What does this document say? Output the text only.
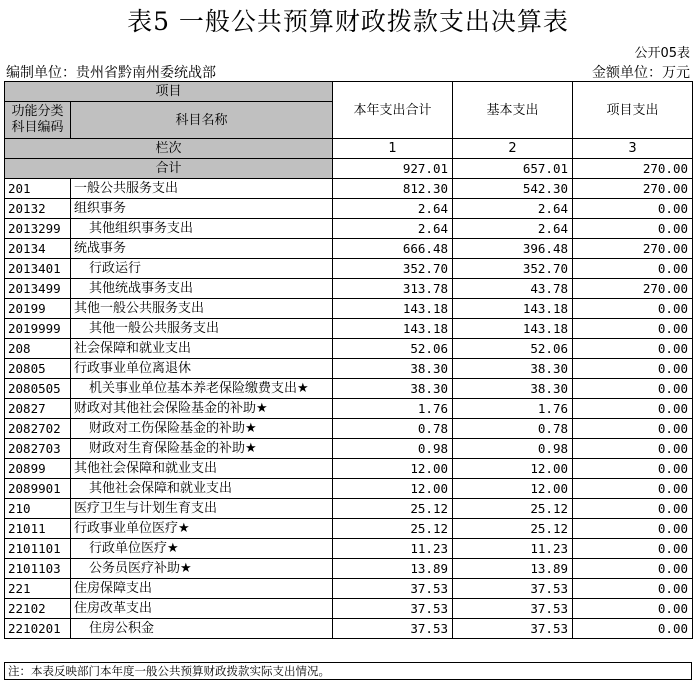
表5 一般公共预算财政拨款支出决算表
公开05表
编制单位：贵州省黔南州委统战部	金额单位：万元
项目		本年支出合计	基本支出	项目支出
功能分类科目编码	科目名称			

栏次		1	2	3
合计		927.01	657.01	270.00
201	一般公共服务支出	812.30	542.30	270.00
20132	组织事务	2.64	2.64	0.00
2013299	其他组织事务支出	2.64	2.64	0.00
20134	统战事务	666.48	396.48	270.00
2013401	行政运行	352.70	352.70	0.00
2013499	其他统战事务支出	313.78	43.78	270.00
20199	其他一般公共服务支出	143.18	143.18	0.00
2019999	其他一般公共服务支出	143.18	143.18	0.00
208	社会保障和就业支出	52.06	52.06	0.00
20805	行政事业单位离退休	38.30	38.30	0.00
2080505	机关事业单位基本养老保险缴费支出★	38.30	38.30	0.00
20827	财政对其他社会保险基金的补助★	1.76	1.76	0.00
2082702	财政对工伤保险基金的补助★	0.78	0.78	0.00
2082703	财政对生育保险基金的补助★	0.98	0.98	0.00
20899	其他社会保障和就业支出	12.00	12.00	0.00
2089901	其他社会保障和就业支出	12.00	12.00	0.00
210	医疗卫生与计划生育支出	25.12	25.12	0.00
21011	行政事业单位医疗★	25.12	25.12	0.00
2101101	行政单位医疗★	11.23	11.23	0.00
2101103	公务员医疗补助★	13.89	13.89	0.00
221	住房保障支出	37.53	37.53	0.00
22102	住房改革支出	37.53	37.53	0.00
2210201	住房公积金	37.53	37.53	0.00
注：本表反映部门本年度一般公共预算财政拨款实际支出情况。
